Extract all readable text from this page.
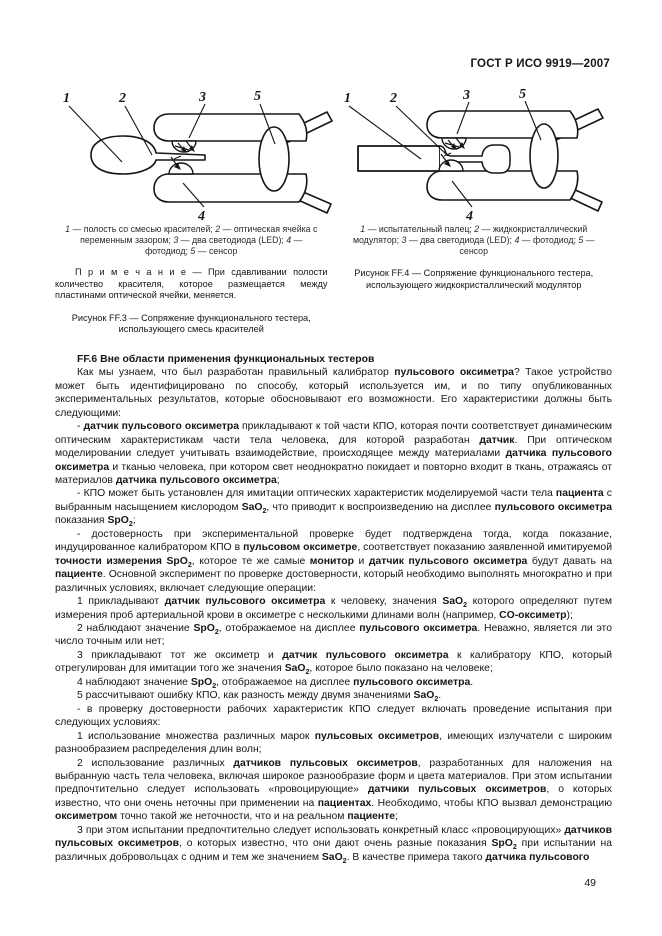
ГОСТ Р ИСО 9919—2007
1	2	3	5
4
1 — полость со смесью красителей; 2 — оптическая ячейка с переменным зазором; 3 — два светодиода (LED); 4 — фотодиод; 5 — сенсор
П р и м е ч а н и е — При сдавливании полости количество красителя, которое размещается между пластинами оптической ячейки, меняется.
Рисунок FF.3 — Сопряжение функционального тестера, использующего смесь красителей
1	2	3	5
4
1 — испытательный палец; 2 — жидкокристаллический модулятор; 3 — два светодиода (LED); 4 — фотодиод; 5 — сенсор
Рисунок FF.4 — Сопряжение функционального тестера, использующего жидкокристаллический модулятор

FF.6 Вне области применения функциональных тестеров

Как мы узнаем, что был разработан правильный калибратор пульсового оксиметра? Такое устройство может быть идентифицировано по способу, который используется им, и по типу опубликованных экспериментальных результатов, которые обосновывают его возможности. Его характеристики должны быть следующими:

- датчик пульсового оксиметра прикладывают к той части КПО, которая почти соответствует динамическим оптическим характеристикам части тела человека, для которой разработан датчик. При оптическом моделировании следует учитывать взаимодействие, происходящее между материалами датчика пульсового оксиметра и тканью человека, при котором свет неоднократно покидает и повторно входит в ткань, отражаясь от материалов датчика пульсового оксиметра;

- КПО может быть установлен для имитации оптических характеристик моделируемой части тела пациента с выбранным насыщением кислородом SaO$_2$, что приводит к воспроизведению на дисплее пульсового оксиметра показания SpO$_2$;

- достоверность при экспериментальной проверке будет подтверждена тогда, когда показание, индуцированное калибратором КПО в пульсовом оксиметре, соответствует показанию заявленной имитируемой точности измерения SpO$_2$, которое те же самые монитор и датчик пульсового оксиметра будут давать на пациенте. Основной эксперимент по проверке достоверности, который необходимо выполнять многократно и при различных условиях, включает следующие операции:

1 прикладывают датчик пульсового оксиметра к человеку, значения SaO$_2$ которого определяют путем измерения проб артериальной крови в оксиметре с несколькими длинами волн (например, CO-оксиметр);

2 наблюдают значение SpO$_2$, отображаемое на дисплее пульсового оксиметра. Неважно, является ли это число точным или нет;

3 прикладывают тот же оксиметр и датчик пульсового оксиметра к калибратору КПО, который отрегулирован для имитации того же значения SaO$_2$, которое было показано на человеке;

4 наблюдают значение SpO$_2$, отображаемое на дисплее пульсового оксиметра.

5 рассчитывают ошибку КПО, как разность между двумя значениями SaO$_2$.

- в проверку достоверности рабочих характеристик КПО следует включать проведение испытания при следующих условиях:

1 использование множества различных марок пульсовых оксиметров, имеющих излучатели с широким разнообразием распределения длин волн;

2 использование различных датчиков пульсовых оксиметров, разработанных для наложения на выбранную часть тела человека, включая широкое разнообразие форм и цвета материалов. При этом испытании предпочтительно следует использовать «провоцирующие» датчики пульсовых оксиметров, о которых известно, что они очень неточны при применении на пациентах. Необходимо, чтобы КПО вызвал демонстрацию оксиметром точно такой же неточности, что и на реальном пациенте;

3 при этом испытании предпочтительно следует использовать конкретный класс «провоцирующих» датчиков пульсовых оксиметров, о которых известно, что они дают очень разные показания SpO$_2$ при испытании на различных добровольцах с одним и тем же значением SaO$_2$. В качестве примера такого датчика пульсового

49
